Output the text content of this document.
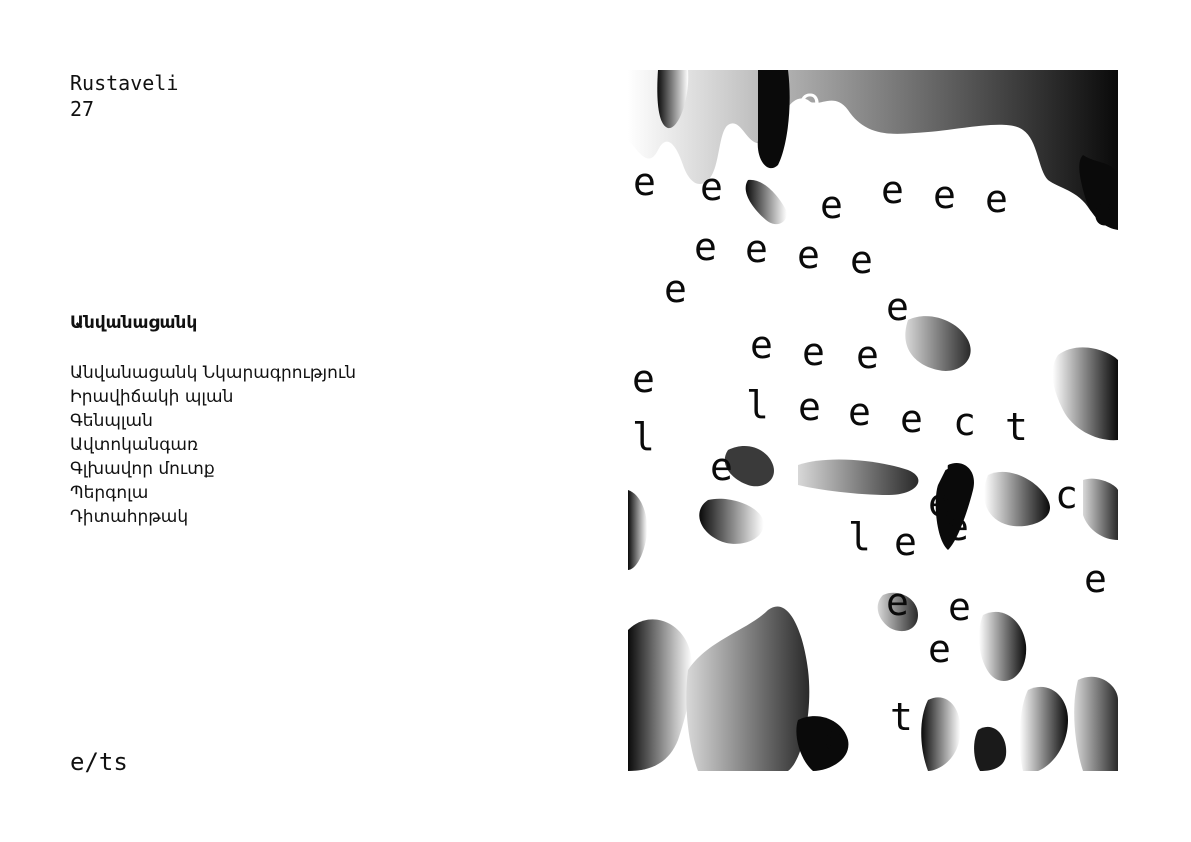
Rustaveli
27
Անվանացանկ
Անվանացանկ Նկարագրություն
Իրավիճակի պլան
Գենպլան
Ավտոկանգառ
Գլխավոր մուտք
Պերգոլա
Դիտահրթակ
e/ts
e e	e e e e e
e e e e
e	e
e e e
e
e e e
e
e
e e
e e
e
e
e
l
l
l
c
c
t
t
e
e e e
c
